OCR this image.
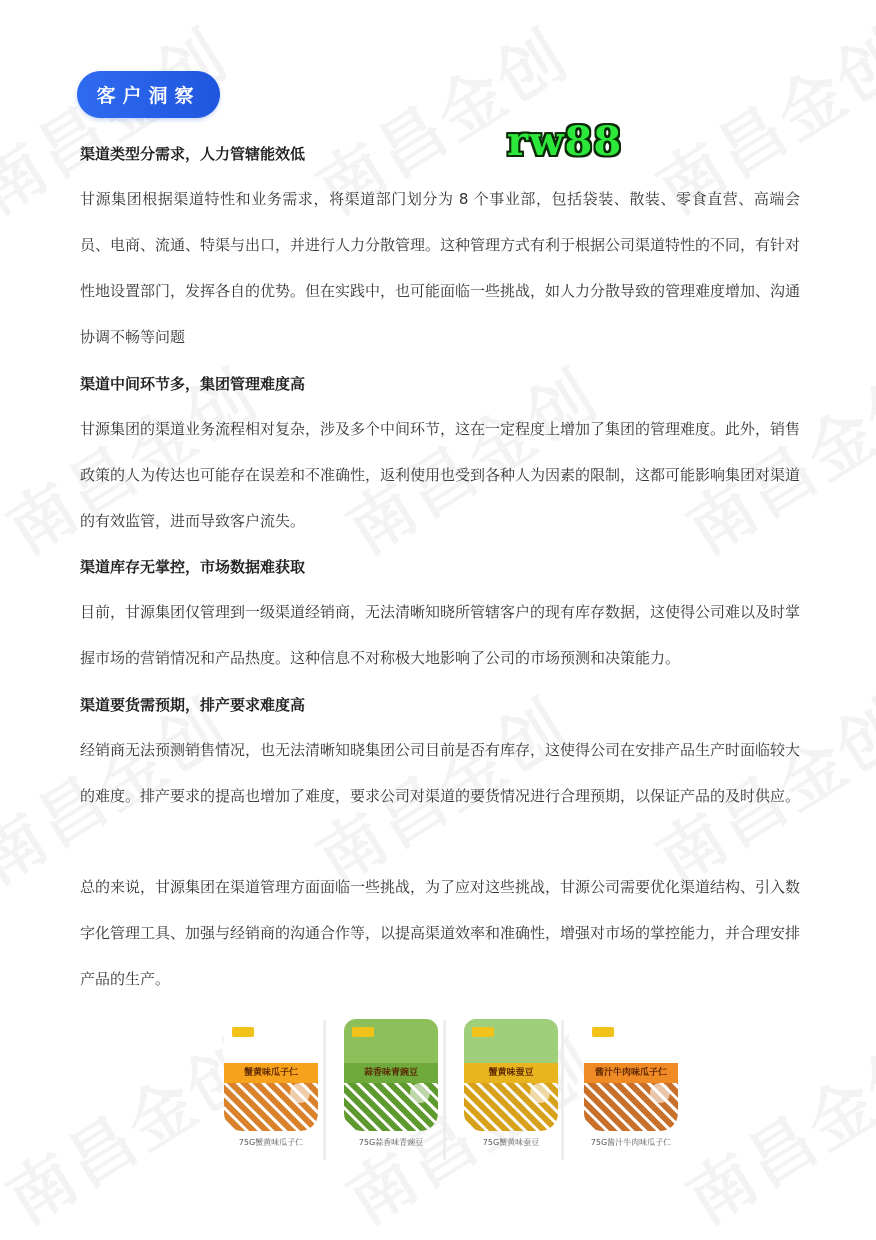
客户洞察
rw88
渠道类型分需求，人力管辖能效低

甘源集团根据渠道特性和业务需求，将渠道部门划分为 8 个事业部，包括袋装、散装、零食直营、高端会员、电商、流通、特渠与出口，并进行人力分散管理。这种管理方式有利于根据公司渠道特性的不同，有针对性地设置部门，发挥各自的优势。但在实践中，也可能面临一些挑战，如人力分散导致的管理难度增加、沟通协调不畅等问题

渠道中间环节多，集团管理难度高

甘源集团的渠道业务流程相对复杂，涉及多个中间环节，这在一定程度上增加了集团的管理难度。此外，销售政策的人为传达也可能存在误差和不准确性，返利使用也受到各种人为因素的限制，这都可能影响集团对渠道的有效监管，进而导致客户流失。

渠道库存无掌控，市场数据难获取

目前，甘源集团仅管理到一级渠道经销商，无法清晰知晓所管辖客户的现有库存数据，这使得公司难以及时掌握市场的营销情况和产品热度。这种信息不对称极大地影响了公司的市场预测和决策能力。

渠道要货需预期，排产要求难度高

经销商无法预测销售情况，也无法清晰知晓集团公司目前是否有库存，这使得公司在安排产品生产时面临较大的难度。排产要求的提高也增加了难度，要求公司对渠道的要货情况进行合理预期，以保证产品的及时供应。

总的来说，甘源集团在渠道管理方面面临一些挑战，为了应对这些挑战，甘源公司需要优化渠道结构、引入数字化管理工具、加强与经销商的沟通合作等，以提高渠道效率和准确性，增强对市场的掌控能力，并合理安排产品的生产。

蟹黄味瓜子仁
75G蟹黄味瓜子仁
蒜香味青豌豆
75G蒜香味青豌豆
蟹黄味蚕豆
75G蟹黄味蚕豆
酱汁牛肉味瓜子仁
75G酱汁牛肉味瓜子仁
